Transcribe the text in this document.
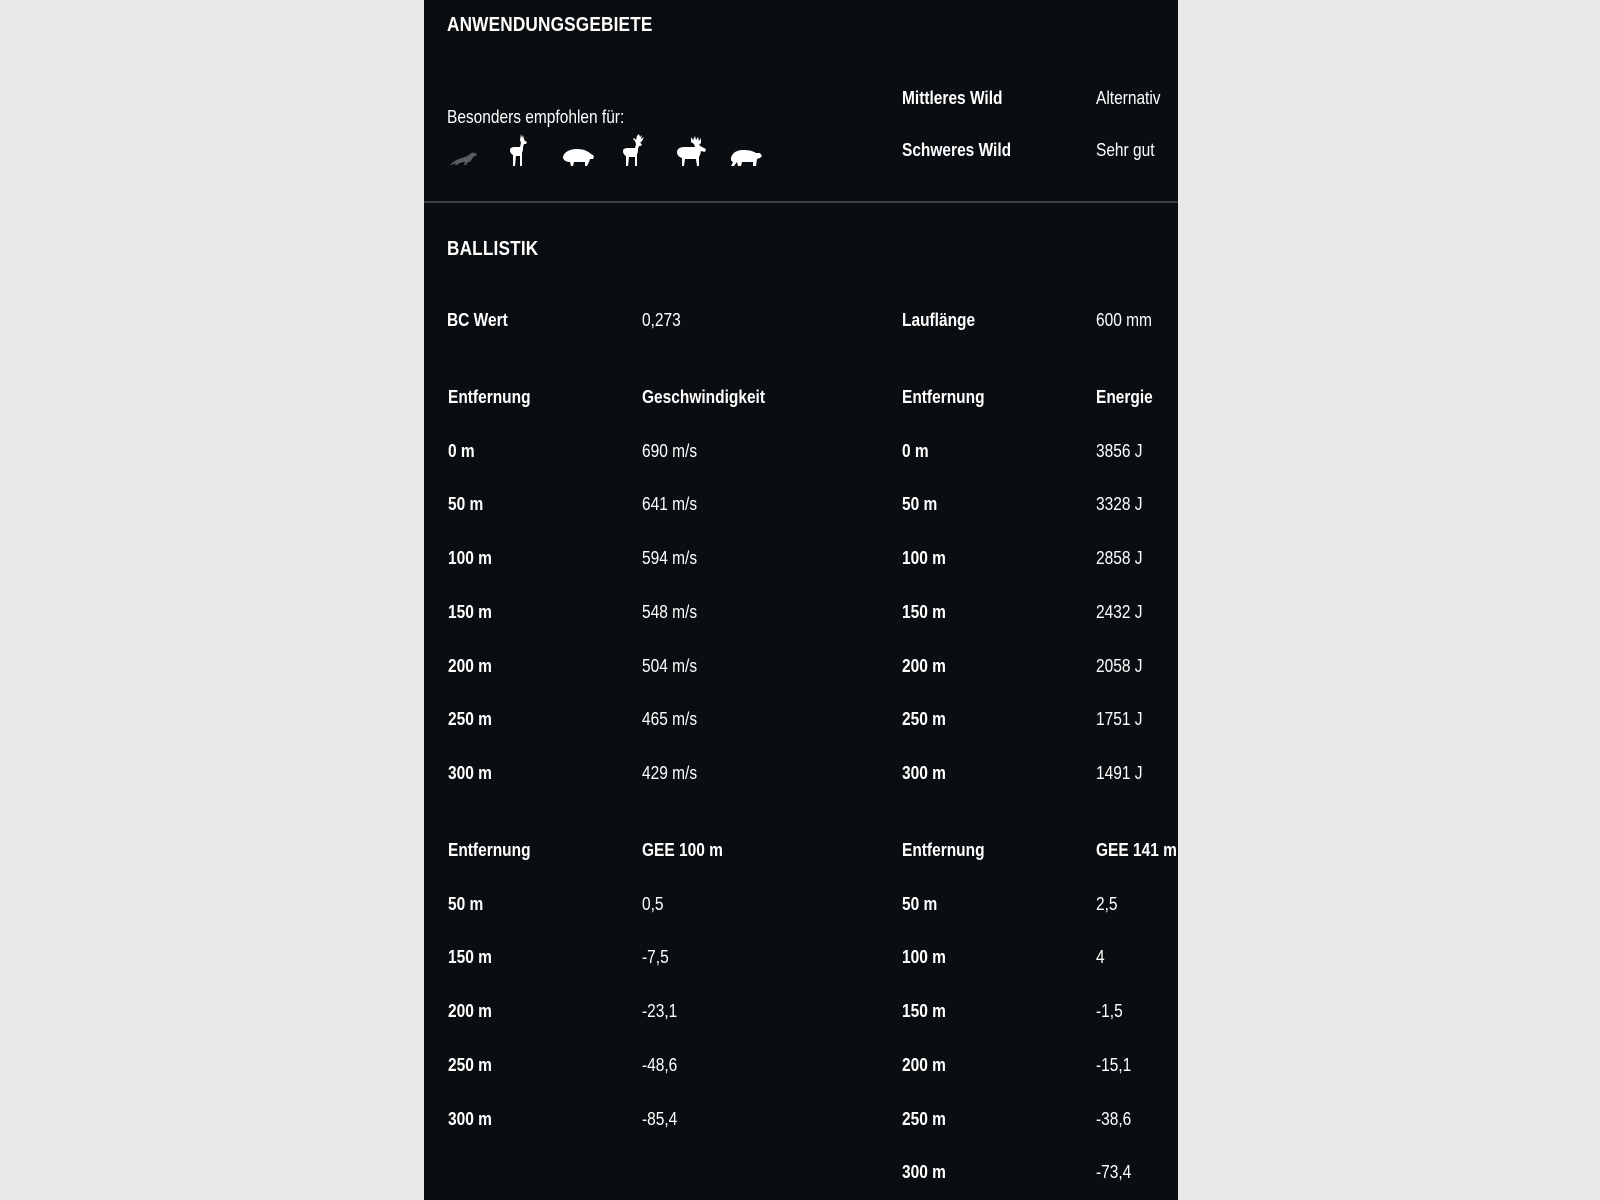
ANWENDUNGSGEBIETE
Besonders empfohlen für:
Mittleres Wild	Alternativ
Schweres Wild	Sehr gut
BALLISTIK
BC Wert	0,273	Lauflänge	600 mm
Entfernung	Geschwindigkeit
0 m	690 m/s
50 m	641 m/s
100 m	594 m/s
150 m	548 m/s
200 m	504 m/s
250 m	465 m/s
300 m	429 m/s
Entfernung	Energie
0 m	3856 J
50 m	3328 J
100 m	2858 J
150 m	2432 J
200 m	2058 J
250 m	1751 J
300 m	1491 J
Entfernung	GEE 100 m
50 m	0,5
150 m	-7,5
200 m	-23,1
250 m	-48,6
300 m	-85,4
Entfernung	GEE 141 m
50 m	2,5
100 m	4
150 m	-1,5
200 m	-15,1
250 m	-38,6
300 m	-73,4
